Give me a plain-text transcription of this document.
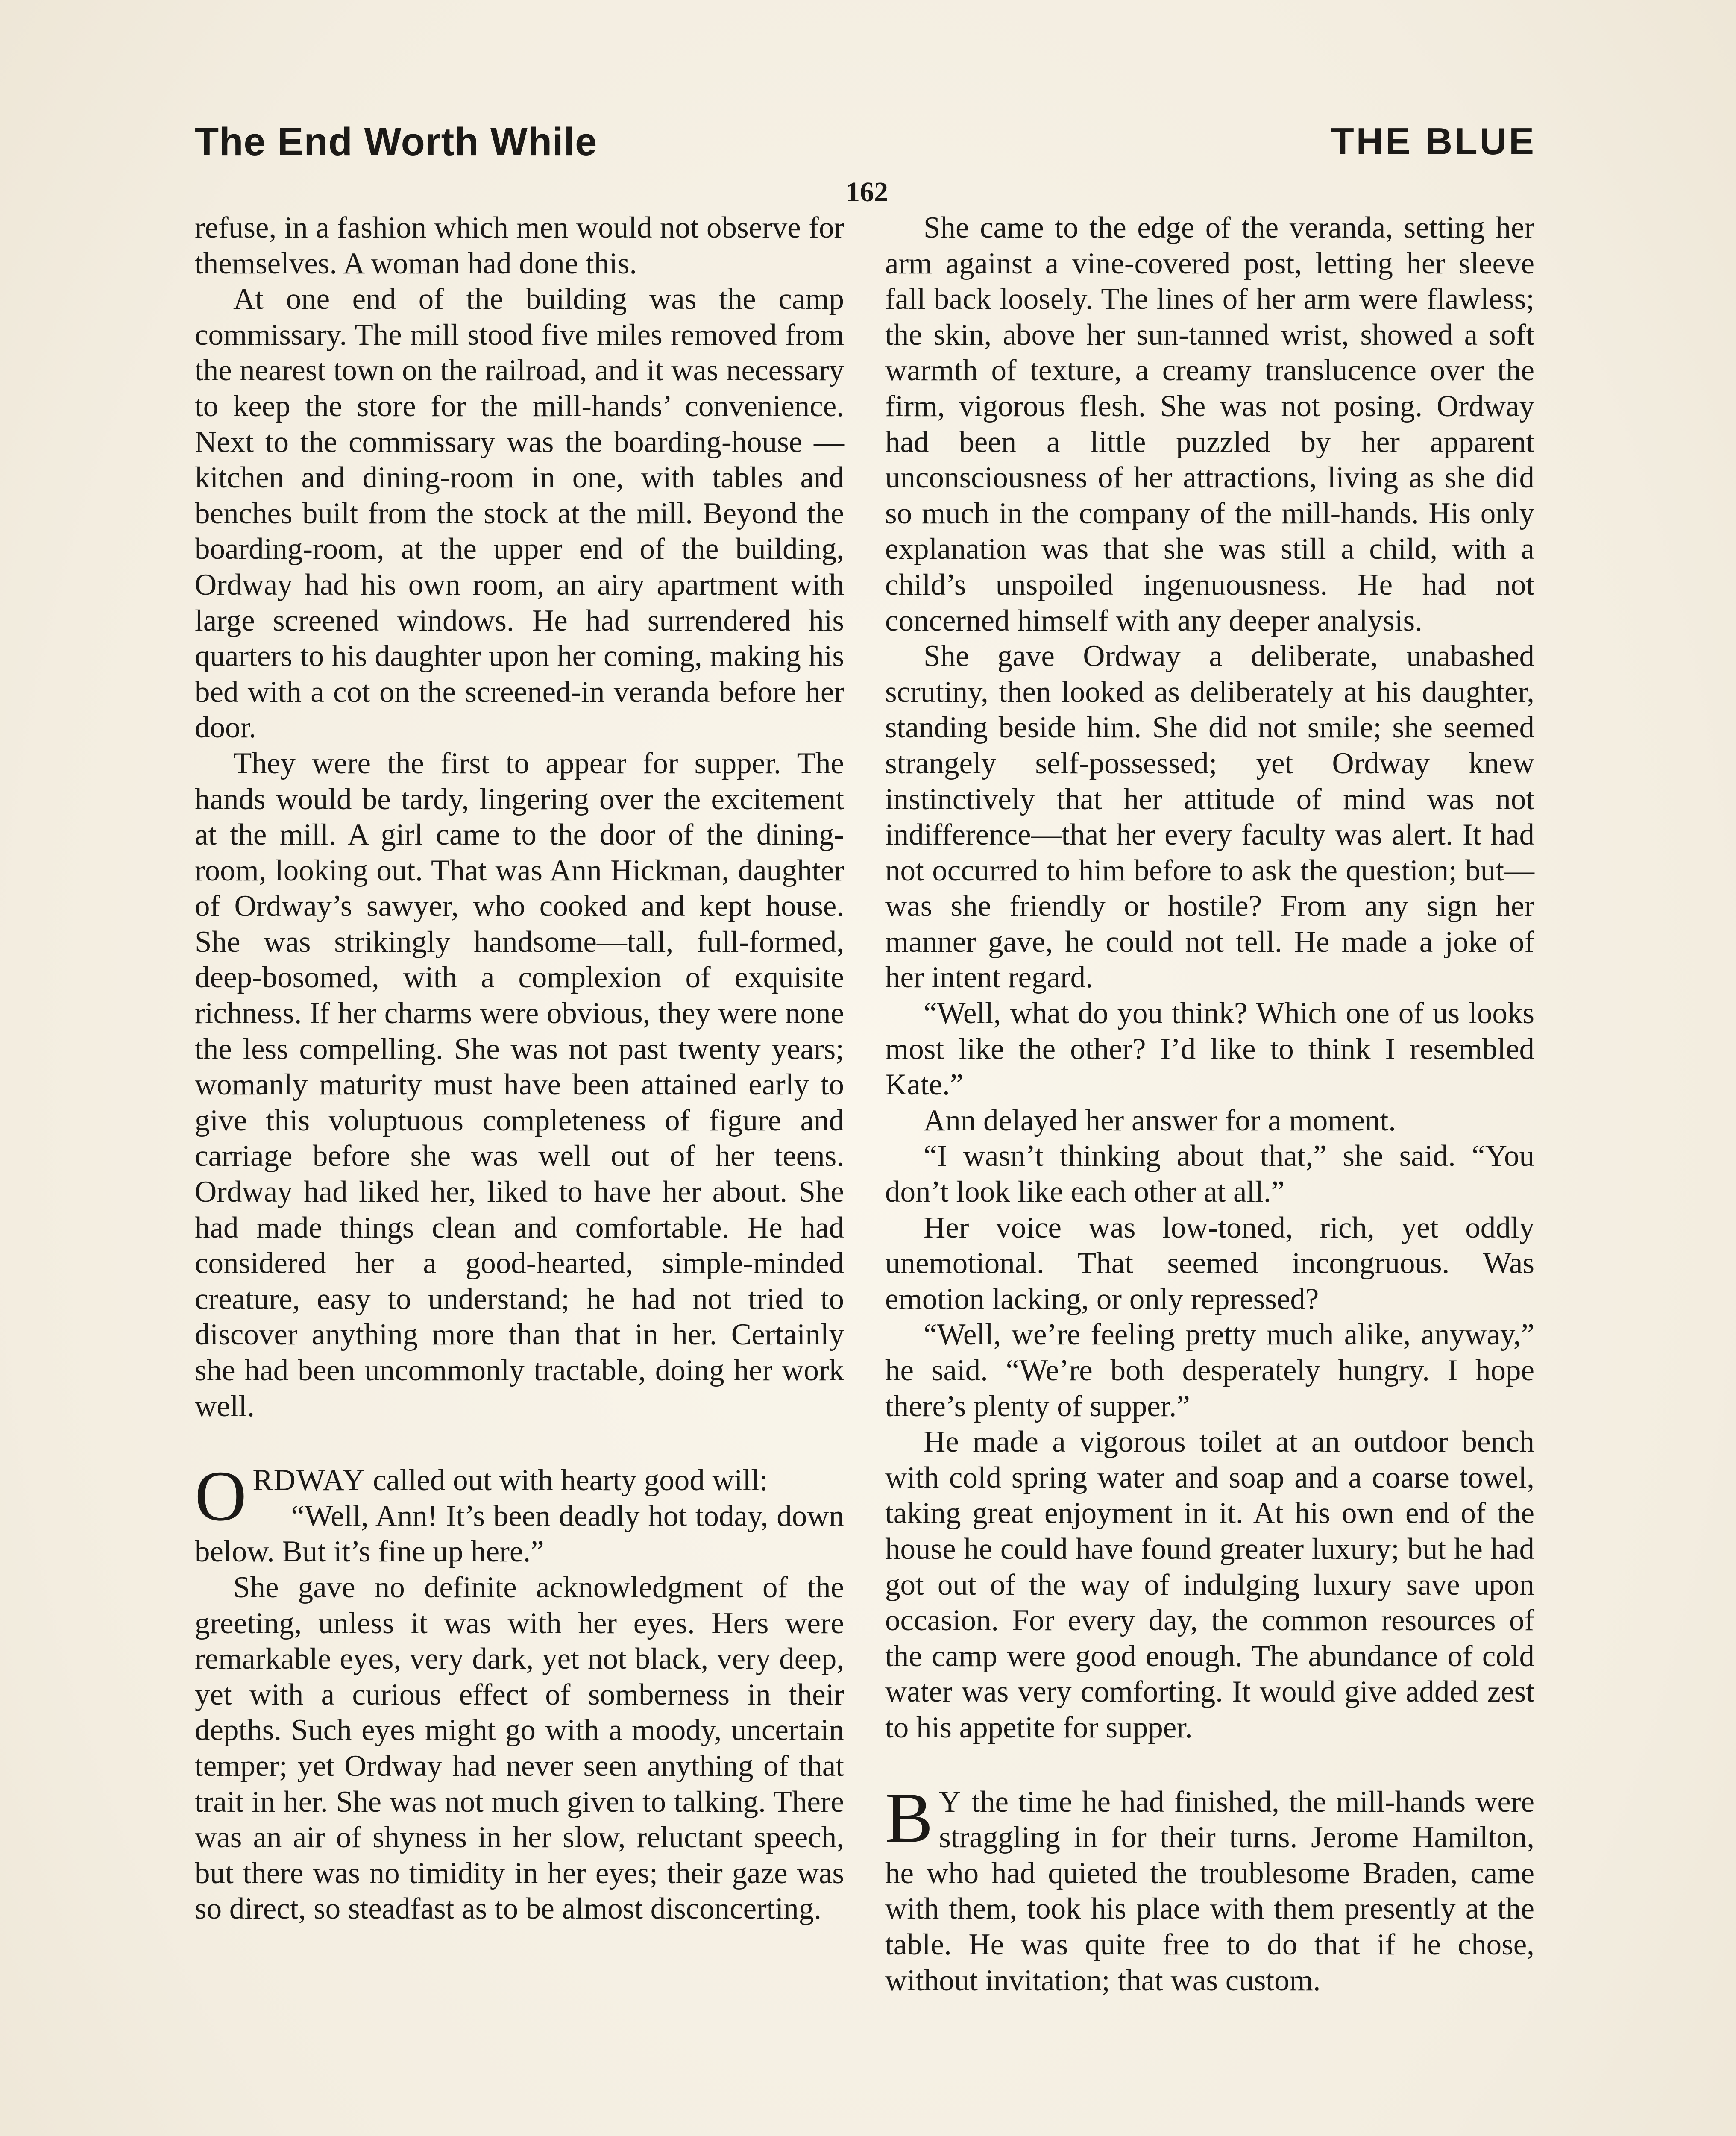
The End Worth While	THE BLUE
162

refuse, in a fashion which men would not observe for themselves. A woman had done this.

At one end of the building was the camp commissary. The mill stood five miles removed from the nearest town on the railroad, and it was necessary to keep the store for the mill-hands’ convenience. Next to the commissary was the boarding-house —kitchen and dining-room in one, with tables and benches built from the stock at the mill. Beyond the boarding-room, at the upper end of the building, Ordway had his own room, an airy apartment with large screened windows. He had surrendered his quarters to his daughter upon her coming, making his bed with a cot on the screened-in veranda before her door.

They were the first to appear for supper. The hands would be tardy, lingering over the excitement at the mill. A girl came to the door of the dining-room, looking out. That was Ann Hickman, daughter of Ordway’s sawyer, who cooked and kept house. She was strikingly handsome—tall, full-formed, deep-bosomed, with a complexion of exquisite richness. If her charms were obvious, they were none the less compelling. She was not past twenty years; womanly maturity must have been attained early to give this voluptuous completeness of figure and carriage before she was well out of her teens. Ordway had liked her, liked to have her about. She had made things clean and comfortable. He had considered her a good-hearted, simple-minded creature, easy to understand; he had not tried to discover anything more than that in her. Certainly she had been uncommonly tractable, doing her work well.

ORDWAY called out with hearty good will:

“Well, Ann! It’s been deadly hot today, down below. But it’s fine up here.”

She gave no definite acknowledgment of the greeting, unless it was with her eyes. Hers were remarkable eyes, very dark, yet not black, very deep, yet with a curious effect of somberness in their depths. Such eyes might go with a moody, uncertain temper; yet Ordway had never seen anything of that trait in her. She was not much given to talking. There was an air of shyness in her slow, reluctant speech, but there was no timidity in her eyes; their gaze was so direct, so steadfast as to be almost disconcerting.

She came to the edge of the veranda, setting her arm against a vine-covered post, letting her sleeve fall back loosely. The lines of her arm were flawless; the skin, above her sun-tanned wrist, showed a soft warmth of texture, a creamy translucence over the firm, vigorous flesh. She was not posing. Ordway had been a little puzzled by her apparent unconsciousness of her attractions, living as she did so much in the company of the mill-hands. His only explanation was that she was still a child, with a child’s unspoiled ingenuousness. He had not concerned himself with any deeper analysis.

She gave Ordway a deliberate, unabashed scrutiny, then looked as deliberately at his daughter, standing beside him. She did not smile; she seemed strangely self-possessed; yet Ordway knew instinctively that her attitude of mind was not indifference—that her every faculty was alert. It had not occurred to him before to ask the question; but—was she friendly or hostile? From any sign her manner gave, he could not tell. He made a joke of her intent regard.

“Well, what do you think? Which one of us looks most like the other? I’d like to think I resembled Kate.”

Ann delayed her answer for a moment.

“I wasn’t thinking about that,” she said. “You don’t look like each other at all.”

Her voice was low-toned, rich, yet oddly unemotional. That seemed incongruous. Was emotion lacking, or only repressed?

“Well, we’re feeling pretty much alike, anyway,” he said. “We’re both desperately hungry. I hope there’s plenty of supper.”

He made a vigorous toilet at an outdoor bench with cold spring water and soap and a coarse towel, taking great enjoyment in it. At his own end of the house he could have found greater luxury; but he had got out of the way of indulging luxury save upon occasion. For every day, the common resources of the camp were good enough. The abundance of cold water was very comforting. It would give added zest to his appetite for supper.

BY the time he had finished, the mill-hands were straggling in for their turns. Jerome Hamilton, he who had quieted the troublesome Braden, came with them, took his place with them presently at the table. He was quite free to do that if he chose, without invitation; that was custom.
